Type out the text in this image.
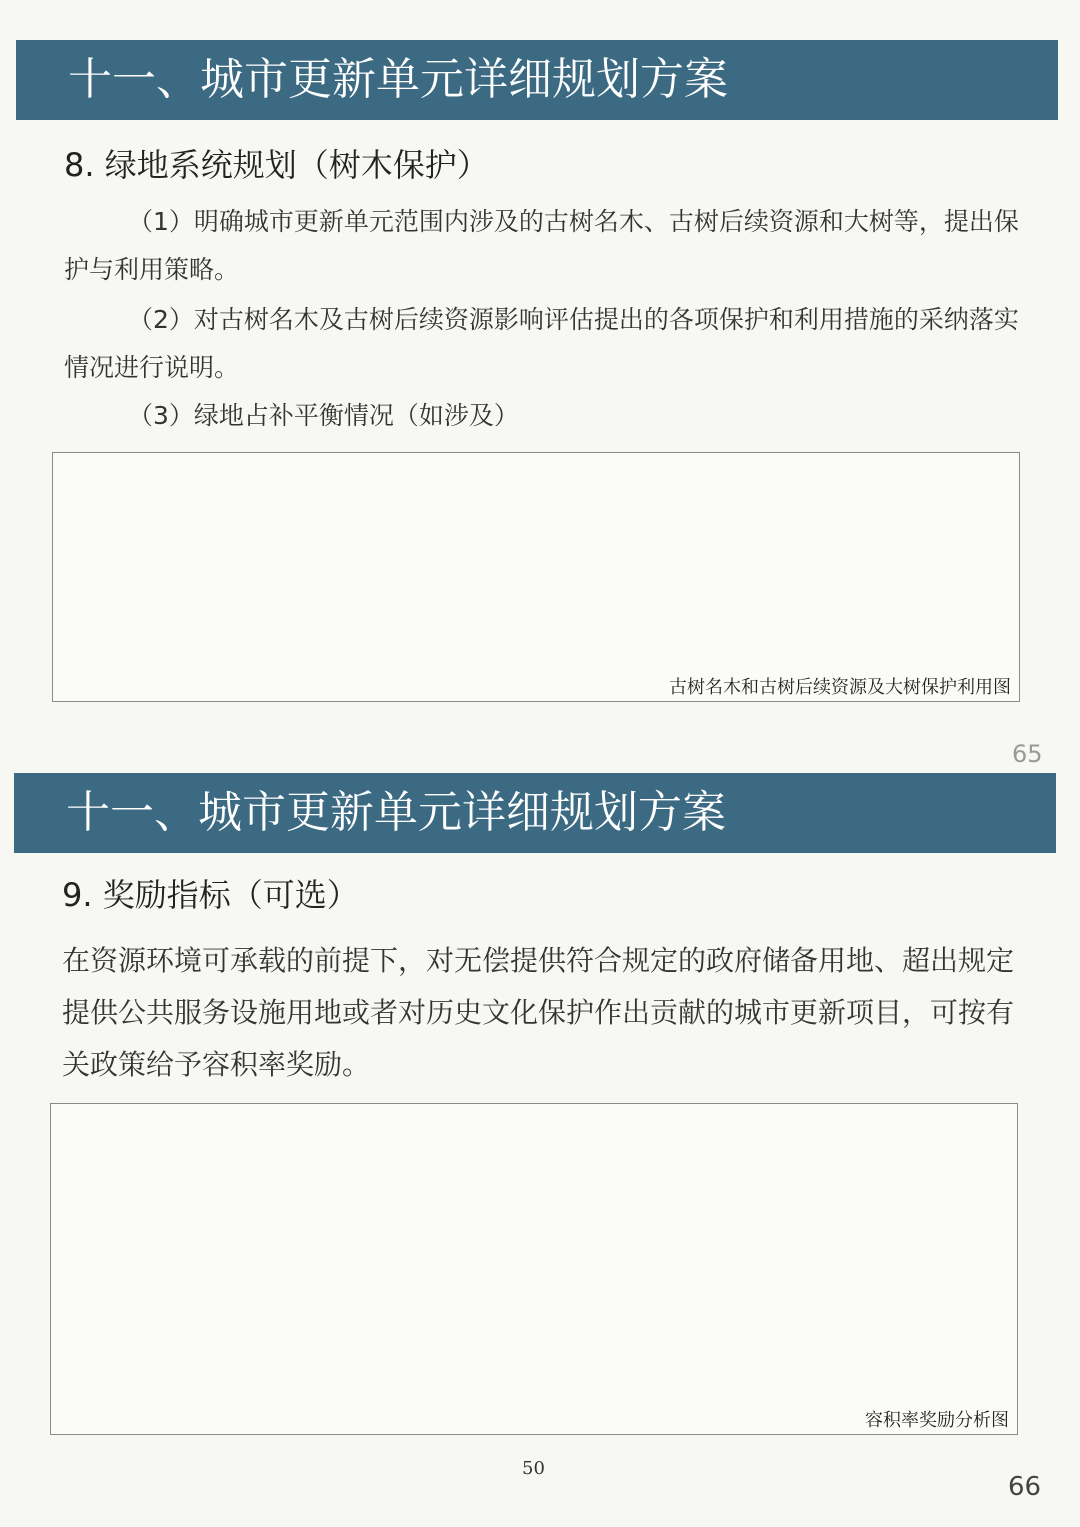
十一、城市更新单元详细规划方案
8. 绿地系统规划（树木保护）
（1）明确城市更新单元范围内涉及的古树名木、古树后续资源和大树等，提出保护与利用策略。
（2）对古树名木及古树后续资源影响评估提出的各项保护和利用措施的采纳落实情况进行说明。
（3）绿地占补平衡情况（如涉及）
古树名木和古树后续资源及大树保护利用图
65
十一、城市更新单元详细规划方案
9. 奖励指标（可选）
在资源环境可承载的前提下，对无偿提供符合规定的政府储备用地、超出规定提供公共服务设施用地或者对历史文化保护作出贡献的城市更新项目，可按有关政策给予容积率奖励。
容积率奖励分析图
50
66
